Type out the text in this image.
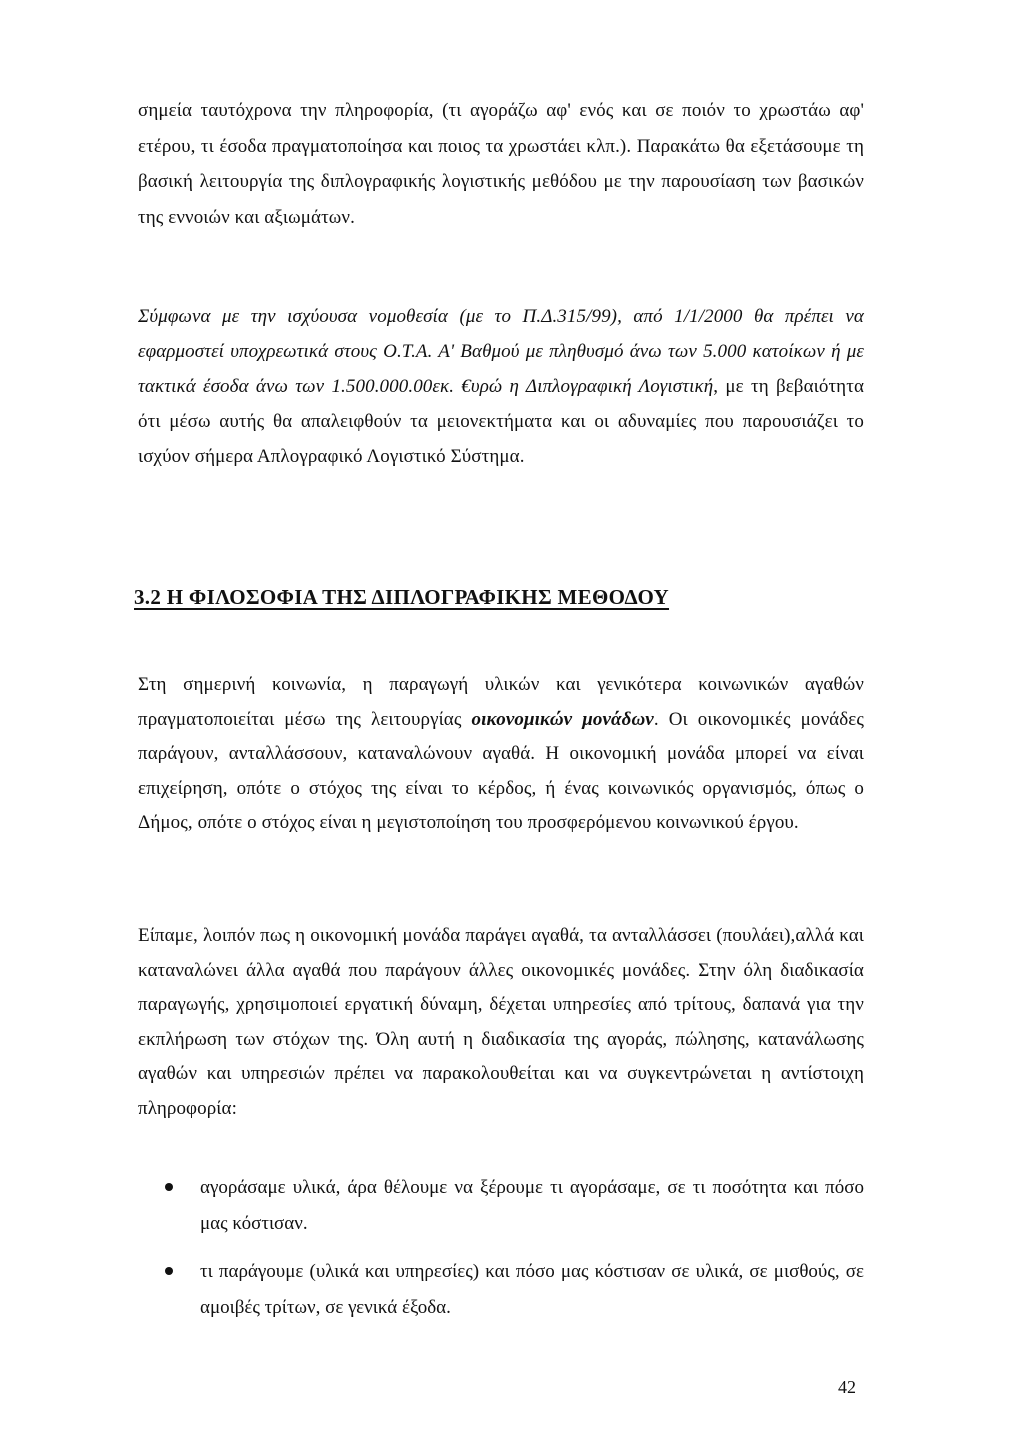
σημεία ταυτόχρονα την πληροφορία, (τι αγοράζω αφ' ενός και σε ποιόν το χρωστάω αφ' ετέρου, τι έσοδα πραγματοποίησα και ποιος τα χρωστάει κλπ.). Παρακάτω θα εξετάσουμε τη βασική λειτουργία της διπλογραφικής λογιστικής μεθόδου με την παρουσίαση των βασικών της εννοιών και αξιωμάτων.

Σύμφωνα με την ισχύουσα νομοθεσία (με το Π.Δ.315/99), από 1/1/2000 θα πρέπει να εφαρμοστεί υποχρεωτικά στους Ο.Τ.Α. Α' Βαθμού με πληθυσμό άνω των 5.000 κατοίκων ή με τακτικά έσοδα άνω των 1.500.000.00εκ. €υρώ η Διπλογραφική Λογιστική, με τη βεβαιότητα ότι μέσω αυτής θα απαλειφθούν τα μειονεκτήματα και οι αδυναμίες που παρουσιάζει το ισχύον σήμερα Απλογραφικό Λογιστικό Σύστημα.

3.2 Η ΦΙΛΟΣΟΦΙΑ ΤΗΣ ΔΙΠΛΟΓΡΑΦΙΚΗΣ ΜΕΘΟΔΟΥ

Στη σημερινή κοινωνία, η παραγωγή υλικών και γενικότερα κοινωνικών αγαθών πραγματοποιείται μέσω της λειτουργίας οικονομικών μονάδων. Οι οικονομικές μονάδες παράγουν, ανταλλάσσουν, καταναλώνουν αγαθά. Η οικονομική μονάδα μπορεί να είναι επιχείρηση, οπότε ο στόχος της είναι το κέρδος, ή ένας κοινωνικός οργανισμός, όπως ο Δήμος, οπότε ο στόχος είναι η μεγιστοποίηση του προσφερόμενου κοινωνικού έργου.

Είπαμε, λοιπόν πως η οικονομική μονάδα παράγει αγαθά, τα ανταλλάσσει (πουλάει),αλλά και καταναλώνει άλλα αγαθά που παράγουν άλλες οικονομικές μονάδες. Στην όλη διαδικασία παραγωγής, χρησιμοποιεί εργατική δύναμη, δέχεται υπηρεσίες από τρίτους, δαπανά για την εκπλήρωση των στόχων της. Όλη αυτή η διαδικασία της αγοράς, πώλησης, κατανάλωσης αγαθών και υπηρεσιών πρέπει να παρακολουθείται και να συγκεντρώνεται η αντίστοιχη πληροφορία:

αγοράσαμε υλικά, άρα θέλουμε να ξέρουμε τι αγοράσαμε, σε τι ποσότητα και πόσο μας κόστισαν.
τι παράγουμε (υλικά και υπηρεσίες) και πόσο μας κόστισαν σε υλικά, σε μισθούς, σε αμοιβές τρίτων, σε γενικά έξοδα.

42
